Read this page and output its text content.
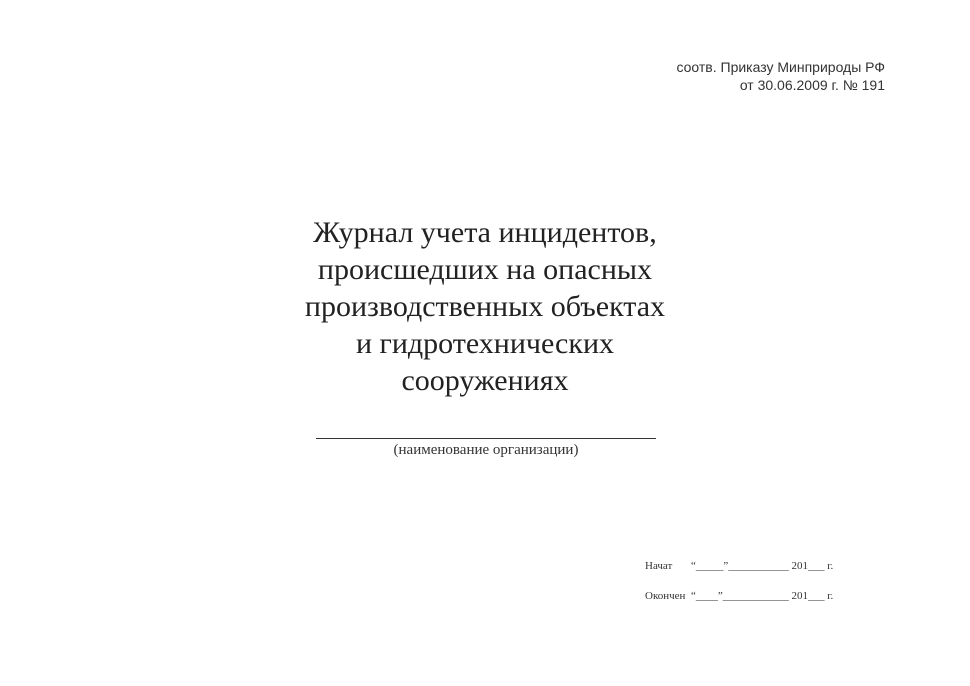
соотв. Приказу Минприроды РФ
от 30.06.2009 г. № 191
Журнал учета инцидентов,
происшедших на опасных
производственных объектах
и гидротехнических
сооружениях
(наименование организации)
Начат “_____”___________ 201___ г.
Окончен “____”____________ 201___ г.
